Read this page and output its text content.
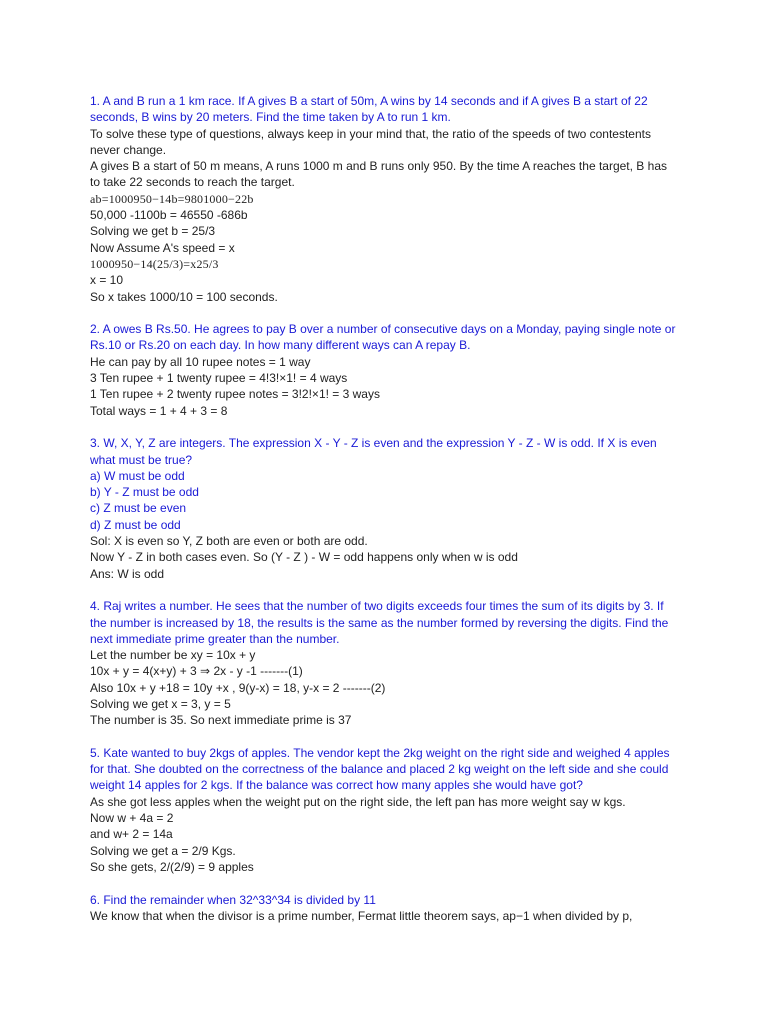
1. A and B run a 1 km race. If A gives B a start of 50m, A wins by 14 seconds and if A gives B a start of 22
seconds, B wins by 20 meters. Find the time taken by A to run 1 km.
To solve these type of questions, always keep in your mind that, the ratio of the speeds of two contestents
never change.
A gives B a start of 50 m means, A runs 1000 m and B runs only 950. By the time A reaches the target, B has
to take 22 seconds to reach the target.
ab=1000950−14b=9801000−22b
50,000 -1100b = 46550 -686b
Solving we get b = 25/3
Now Assume A's speed = x
1000950−14(25/3)=x25/3
x = 10
So x takes 1000/10 = 100 seconds.
2. A owes B Rs.50. He agrees to pay B over a number of consecutive days on a Monday, paying single note or
Rs.10 or Rs.20 on each day. In how many different ways can A repay B.
He can pay by all 10 rupee notes = 1 way
3 Ten rupee + 1 twenty rupee = 4!3!×1! = 4 ways
1 Ten rupee + 2 twenty rupee notes = 3!2!×1! = 3 ways
Total ways = 1 + 4 + 3 = 8
3. W, X, Y, Z are integers. The expression X - Y - Z is even and the expression Y - Z - W is odd. If X is even
what must be true?
a) W must be odd
b) Y - Z must be odd
c) Z must be even
d) Z must be odd
Sol: X is even so Y, Z both are even or both are odd.
Now Y - Z in both cases even. So (Y - Z ) - W = odd happens only when w is odd
Ans: W is odd
4. Raj writes a number. He sees that the number of two digits exceeds four times the sum of its digits by 3. If
the number is increased by 18, the results is the same as the number formed by reversing the digits. Find the
next immediate prime greater than the number.
Let the number be xy = 10x + y
10x + y = 4(x+y) + 3 ⇒ 2x - y -1 -------(1)
Also 10x + y +18 = 10y +x , 9(y-x) = 18, y-x = 2 -------(2)
Solving we get x = 3, y = 5
The number is 35. So next immediate prime is 37
5. Kate wanted to buy 2kgs of apples. The vendor kept the 2kg weight on the right side and weighed 4 apples
for that. She doubted on the correctness of the balance and placed 2 kg weight on the left side and she could
weight 14 apples for 2 kgs. If the balance was correct how many apples she would have got?
As she got less apples when the weight put on the right side, the left pan has more weight say w kgs.
Now w + 4a = 2
and w+ 2 = 14a
Solving we get a = 2/9 Kgs.
So she gets, 2/(2/9) = 9 apples
6. Find the remainder when 32^33^34 is divided by 11
We know that when the divisor is a prime number, Fermat little theorem says, ap−1 when divided by p,
